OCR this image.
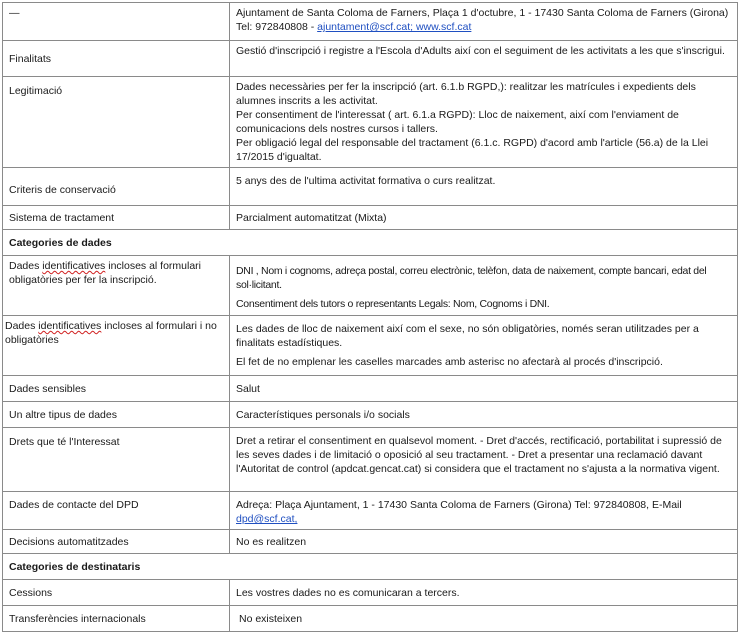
—	Ajuntament de Santa Coloma de Farners, Plaça 1 d'octubre, 1 - 17430 Santa Coloma de Farners (Girona) Tel: 972840808 - ajuntament@scf.cat; www.scf.cat
Finalitats	Gestió d'inscripció i registre a l'Escola d'Adults així con el seguiment de les activitats a les que s'inscrigui.
Legitimació	Dades necessàries per fer la inscripció (art. 6.1.b RGPD,): realitzar les matrícules i expedients dels alumnes inscrits a les activitat.
Per consentiment de l'interessat ( art. 6.1.a RGPD): Lloc de naixement, així com l'enviament de comunicacions dels nostres cursos i tallers.
Per obligació legal del responsable del tractament (6.1.c. RGPD) d'acord amb l'article (56.a) de la Llei 17/2015 d'igualtat.

Criteris de conservació	5 anys des de l'ultima activitat formativa o curs realitzat.
Sistema de tractament	Parcialment automatitzat (Mixta)
Categories de dades	
Dades identificatives incloses al formulari obligatòries per fer la inscripció.	DNI , Nom i cognoms, adreça postal, correu electrònic, telèfon, data de naixement, compte bancari, edat del sol·licitant.
Consentiment dels tutors o representants Legals: Nom, Cognoms i DNI.

Dades identificatives incloses al formulari i no obligatòries	Les dades de lloc de naixement així com el sexe, no són obligatòries, només seran utilitzades per a finalitats estadístiques.
El fet de no emplenar les caselles marcades amb asterisc no afectarà al procés d'inscripció.

Dades sensibles	Salut
Un altre tipus de dades	Característiques personals i/o socials
Drets que té l'Interessat	Dret a retirar el consentiment en qualsevol moment. - Dret d'accés, rectificació, portabilitat i supressió de les seves dades i de limitació o oposició al seu tractament. - Dret a presentar una reclamació davant l'Autoritat de control (apdcat.gencat.cat) si considera que el tractament no s'ajusta a la normativa vigent.
Dades de contacte del DPD	Adreça: Plaça Ajuntament, 1 - 17430 Santa Coloma de Farners (Girona) Tel: 972840808, E-Mail dpd@scf.cat,
Decisions automatitzades	No es realitzen
Categories de destinataris	
Cessions	Les vostres dades no es comunicaran a tercers.
Transferències internacionals	No existeixen
